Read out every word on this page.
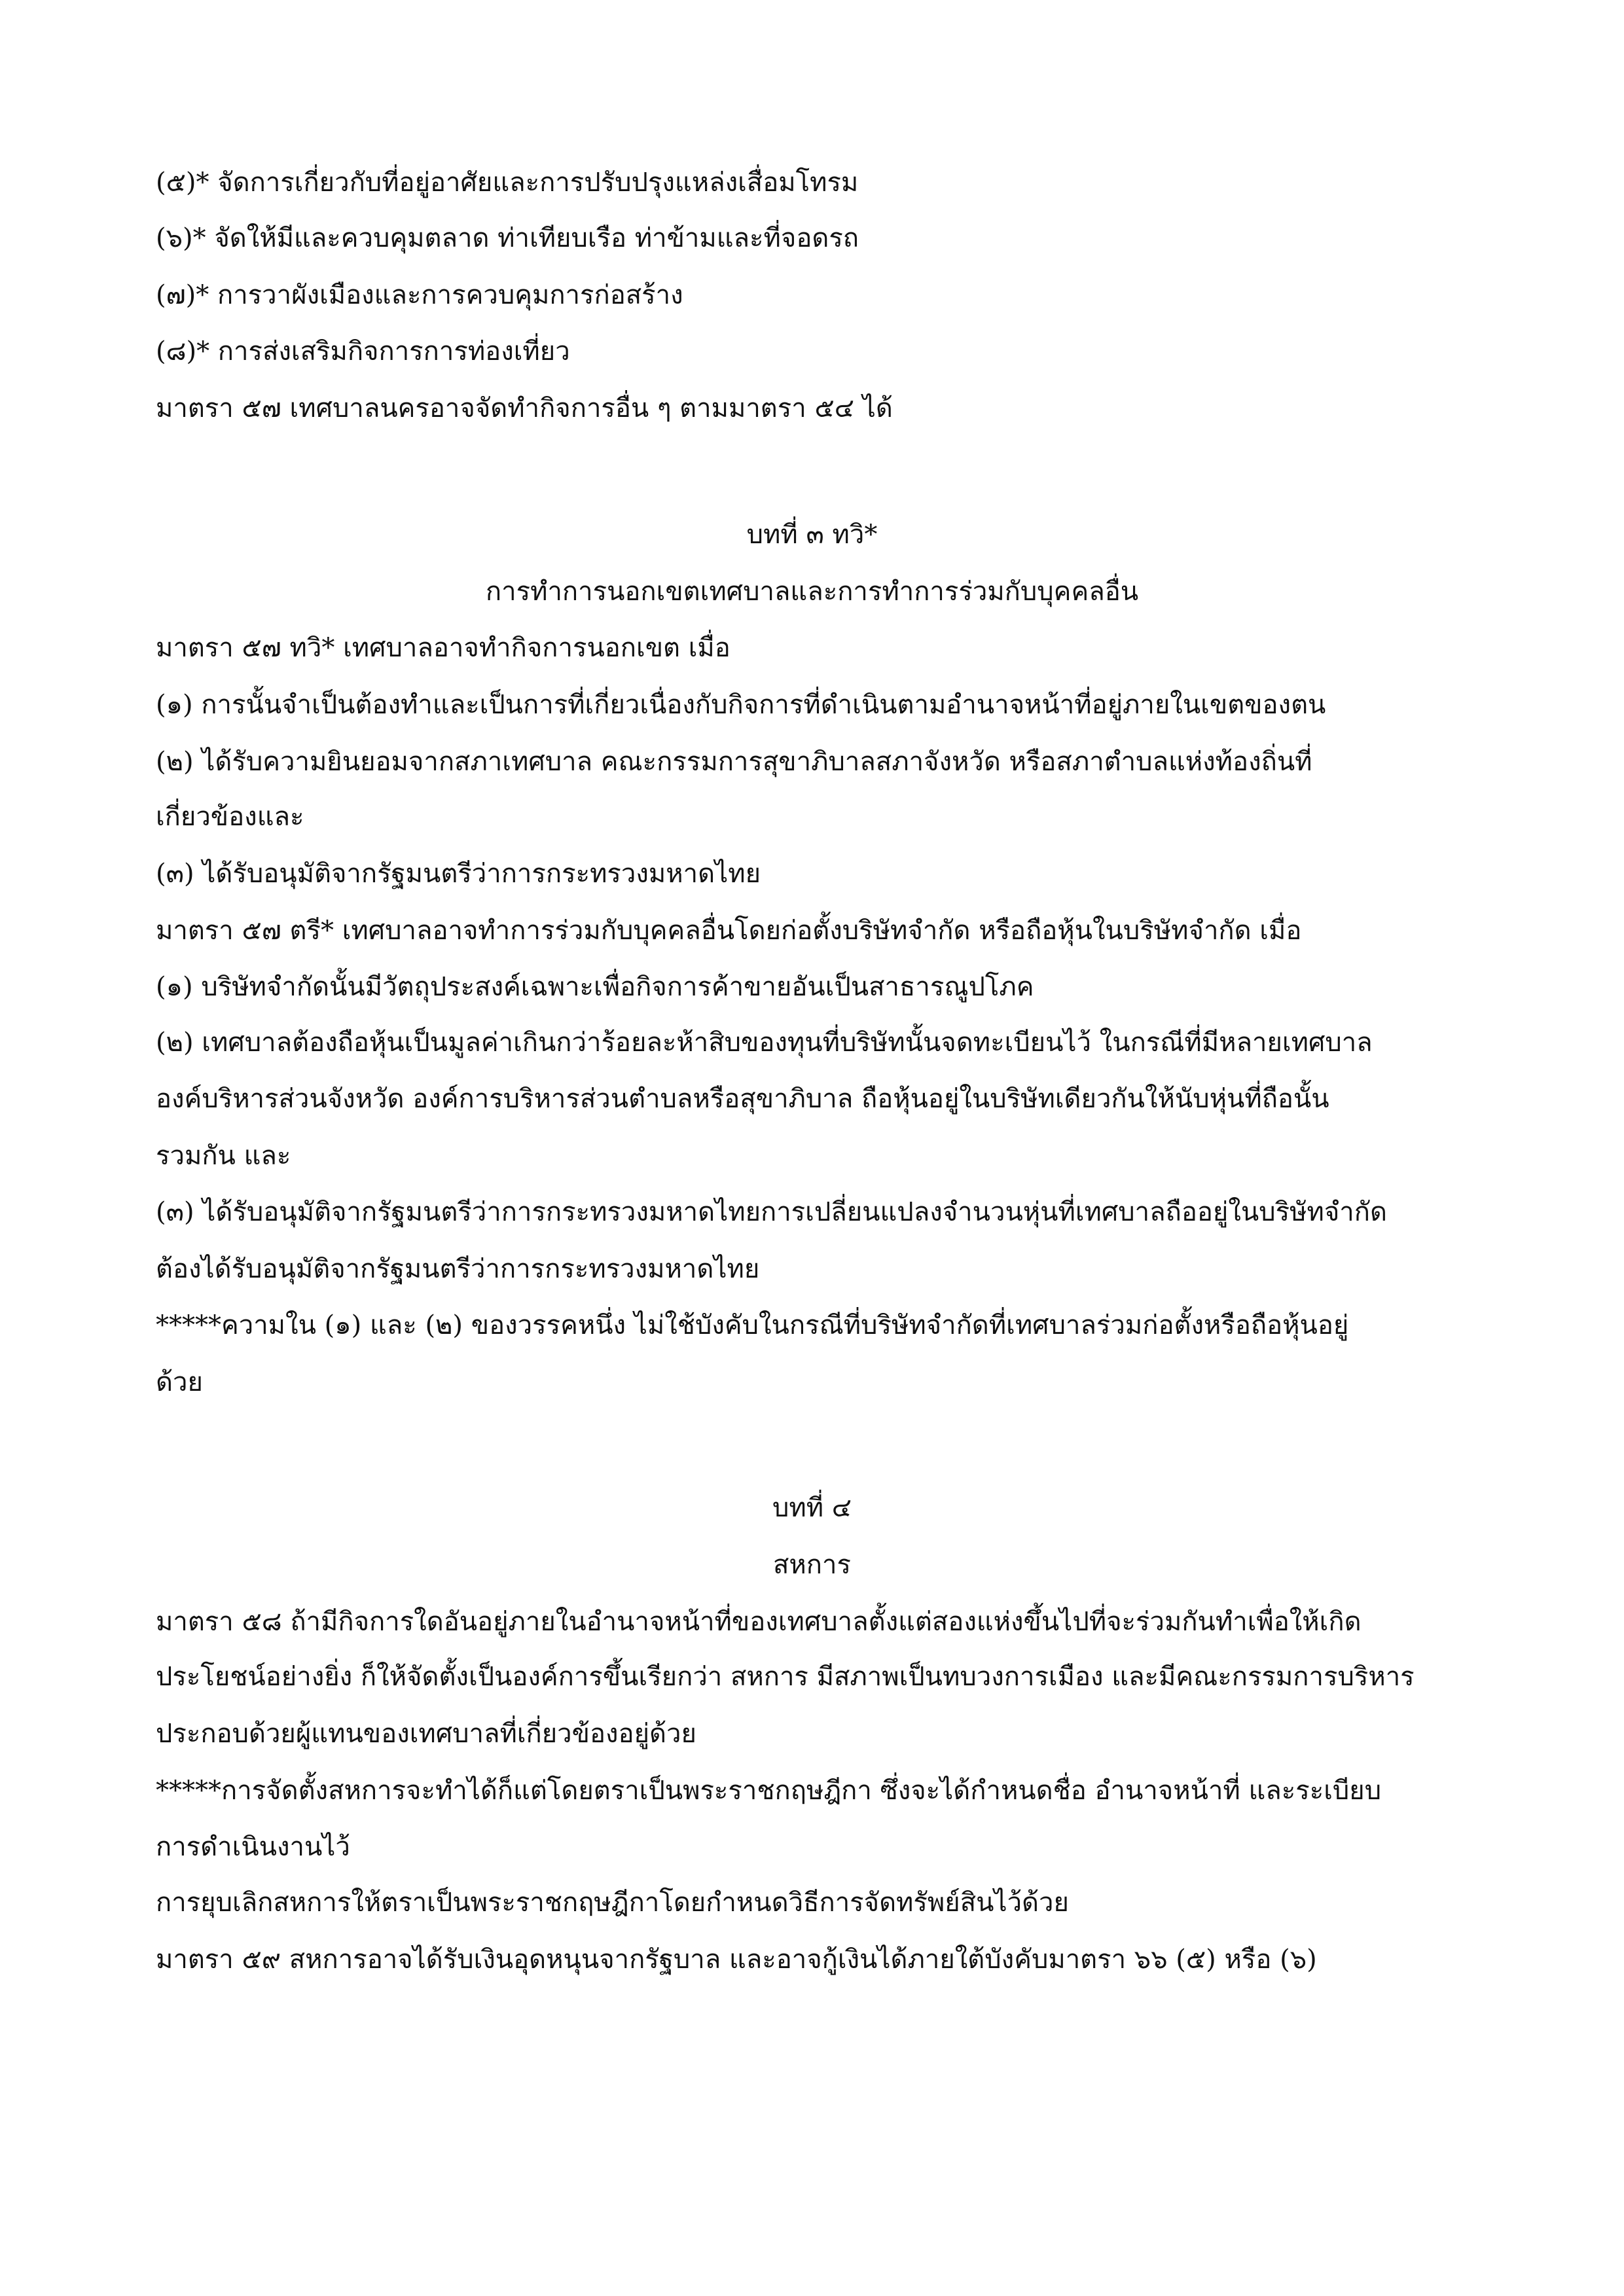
(๕)* จัดการเกี่ยวกับที่อยู่อาศัยและการปรับปรุงแหล่งเสื่อมโทรม
(๖)* จัดให้มีและควบคุมตลาด ท่าเทียบเรือ ท่าข้ามและที่จอดรถ
(๗)* การวาผังเมืองและการควบคุมการก่อสร้าง
(๘)* การส่งเสริมกิจการการท่องเที่ยว
มาตรา ๕๗ เทศบาลนครอาจจัดทำกิจการอื่น ๆ ตามมาตรา ๕๔ ได้
บทที่ ๓ ทวิ*
การทำการนอกเขตเทศบาลและการทำการร่วมกับบุคคลอื่น
มาตรา ๕๗ ทวิ* เทศบาลอาจทำกิจการนอกเขต เมื่อ
(๑) การนั้นจำเป็นต้องทำและเป็นการที่เกี่ยวเนื่องกับกิจการที่ดำเนินตามอำนาจหน้าที่อยู่ภายในเขตของตน
(๒) ได้รับความยินยอมจากสภาเทศบาล คณะกรรมการสุขาภิบาลสภาจังหวัด หรือสภาตำบลแห่งท้องถิ่นที่
เกี่ยวข้องและ
(๓) ได้รับอนุมัติจากรัฐมนตรีว่าการกระทรวงมหาดไทย
มาตรา ๕๗ ตรี* เทศบาลอาจทำการร่วมกับบุคคลอื่นโดยก่อตั้งบริษัทจำกัด หรือถือหุ้นในบริษัทจำกัด เมื่อ
(๑) บริษัทจำกัดนั้นมีวัตถุประสงค์เฉพาะเพื่อกิจการค้าขายอันเป็นสาธารณูปโภค
(๒) เทศบาลต้องถือหุ้นเป็นมูลค่าเกินกว่าร้อยละห้าสิบของทุนที่บริษัทนั้นจดทะเบียนไว้ ในกรณีที่มีหลายเทศบาล
องค์บริหารส่วนจังหวัด องค์การบริหารส่วนตำบลหรือสุขาภิบาล ถือหุ้นอยู่ในบริษัทเดียวกันให้นับหุ่นที่ถือนั้น
รวมกัน และ
(๓) ได้รับอนุมัติจากรัฐมนตรีว่าการกระทรวงมหาดไทยการเปลี่ยนแปลงจำนวนหุ่นที่เทศบาลถืออยู่ในบริษัทจำกัด
ต้องได้รับอนุมัติจากรัฐมนตรีว่าการกระทรวงมหาดไทย
*****ความใน (๑) และ (๒) ของวรรคหนึ่ง ไม่ใช้บังคับในกรณีที่บริษัทจำกัดที่เทศบาลร่วมก่อตั้งหรือถือหุ้นอยู่
ด้วย
บทที่ ๔
สหการ
มาตรา ๕๘ ถ้ามีกิจการใดอันอยู่ภายในอำนาจหน้าที่ของเทศบาลตั้งแต่สองแห่งขึ้นไปที่จะร่วมกันทำเพื่อให้เกิด
ประโยชน์อย่างยิ่ง ก็ให้จัดตั้งเป็นองค์การขึ้นเรียกว่า สหการ มีสภาพเป็นทบวงการเมือง และมีคณะกรรมการบริหาร
ประกอบด้วยผู้แทนของเทศบาลที่เกี่ยวข้องอยู่ด้วย
*****การจัดตั้งสหการจะทำได้ก็แต่โดยตราเป็นพระราชกฤษฎีกา ซึ่งจะได้กำหนดชื่อ อำนาจหน้าที่ และระเบียบ
การดำเนินงานไว้
การยุบเลิกสหการให้ตราเป็นพระราชกฤษฎีกาโดยกำหนดวิธีการจัดทรัพย์สินไว้ด้วย
มาตรา ๕๙ สหการอาจได้รับเงินอุดหนุนจากรัฐบาล และอาจกู้เงินได้ภายใต้บังคับมาตรา ๖๖ (๕) หรือ (๖)
